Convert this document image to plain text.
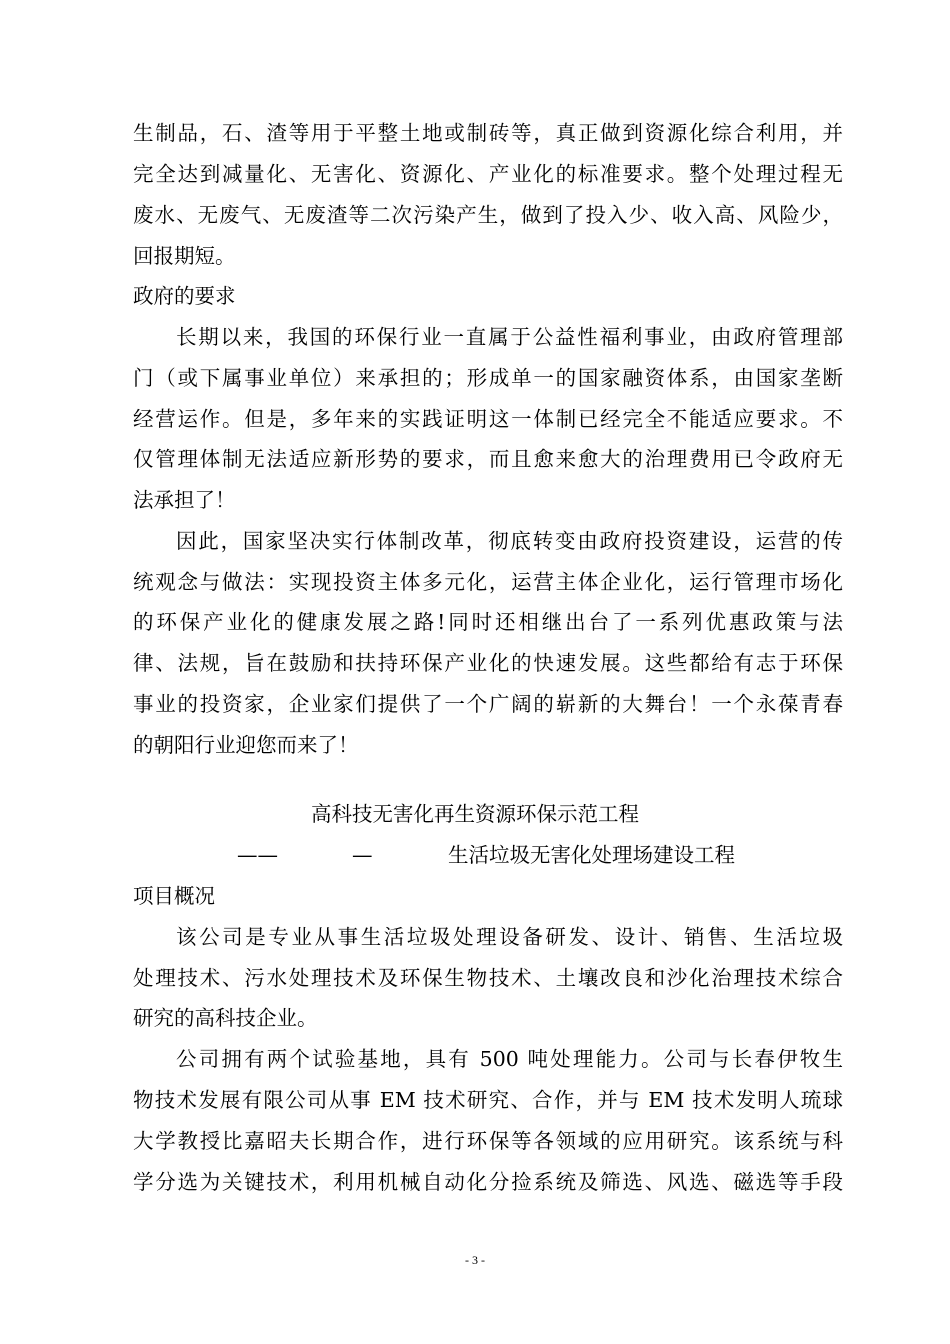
生制品，石、渣等用于平整土地或制砖等，真正做到资源化综合利用，并
完全达到减量化、无害化、资源化、产业化的标准要求。整个处理过程无
废水、无废气、无废渣等二次污染产生，做到了投入少、收入高、风险少，
回报期短。
政府的要求
长期以来，我国的环保行业一直属于公益性福利事业，由政府管理部
门（或下属事业单位）来承担的；形成单一的国家融资体系，由国家垄断
经营运作。但是，多年来的实践证明这一体制已经完全不能适应要求。不
仅管理体制无法适应新形势的要求，而且愈来愈大的治理费用已令政府无
法承担了！
因此，国家坚决实行体制改革，彻底转变由政府投资建设，运营的传
统观念与做法：实现投资主体多元化，运营主体企业化，运行管理市场化
的环保产业化的健康发展之路!同时还相继出台了一系列优惠政策与法
律、法规，旨在鼓励和扶持环保产业化的快速发展。这些都给有志于环保
事业的投资家，企业家们提供了一个广阔的崭新的大舞台！一个永葆青春
的朝阳行业迎您而来了！
高科技无害化再生资源环保示范工程
——	—	生活垃圾无害化处理场建设工程
项目概况
该公司是专业从事生活垃圾处理设备研发、设计、销售、生活垃圾
处理技术、污水处理技术及环保生物技术、土壤改良和沙化治理技术综合
研究的高科技企业。
公司拥有两个试验基地，具有 500 吨处理能力。公司与长春伊牧生
物技术发展有限公司从事 EM 技术研究、合作，并与 EM 技术发明人琉球
大学教授比嘉昭夫长期合作，进行环保等各领域的应用研究。该系统与科
学分选为关键技术，利用机械自动化分捡系统及筛选、风选、磁选等手段
- 3 -
